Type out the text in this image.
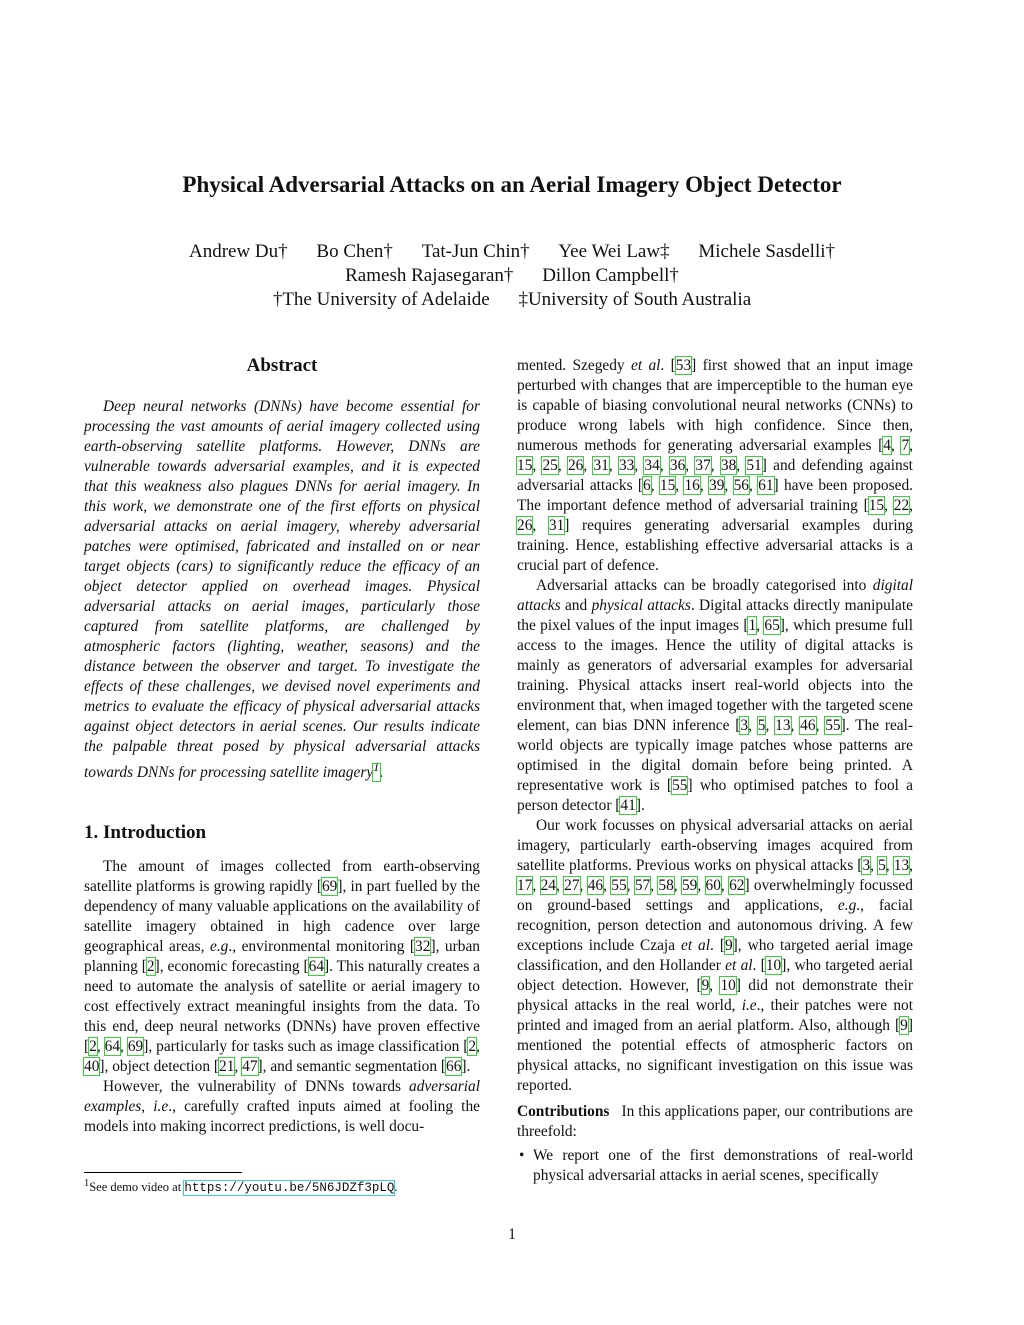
Physical Adversarial Attacks on an Aerial Imagery Object Detector
Andrew Du† Bo Chen† Tat-Jun Chin† Yee Wei Law‡ Michele Sasdelli†
Ramesh Rajasegaran† Dillon Campbell†
†The University of Adelaide ‡University of South Australia
Abstract

Deep neural networks (DNNs) have become essential for processing the vast amounts of aerial imagery collected using earth-observing satellite platforms. However, DNNs are vulnerable towards adversarial examples, and it is expected that this weakness also plagues DNNs for aerial imagery. In this work, we demonstrate one of the first efforts on physical adversarial attacks on aerial imagery, whereby adversarial patches were optimised, fabricated and installed on or near target objects (cars) to significantly reduce the efficacy of an object detector applied on overhead images. Physical adversarial attacks on aerial images, particularly those captured from satellite platforms, are challenged by atmospheric factors (lighting, weather, seasons) and the distance between the observer and target. To investigate the effects of these challenges, we devised novel experiments and metrics to evaluate the efficacy of physical adversarial attacks against object detectors in aerial scenes. Our results indicate the palpable threat posed by physical adversarial attacks towards DNNs for processing satellite imagery$^1$.

1. Introduction

The amount of images collected from earth-observing satellite platforms is growing rapidly [69], in part fuelled by the dependency of many valuable applications on the availability of satellite imagery obtained in high cadence over large geographical areas, e.g., environmental monitoring [32], urban planning [2], economic forecasting [64]. This naturally creates a need to automate the analysis of satellite or aerial imagery to cost effectively extract meaningful insights from the data. To this end, deep neural networks (DNNs) have proven effective [2, 64, 69], particularly for tasks such as image classification [2, 40], object detection [21, 47], and semantic segmentation [66].

However, the vulnerability of DNNs towards adversarial examples, i.e., carefully crafted inputs aimed at fooling the models into making incorrect predictions, is well docu-

mented. Szegedy et al. [53] first showed that an input image perturbed with changes that are imperceptible to the human eye is capable of biasing convolutional neural networks (CNNs) to produce wrong labels with high confidence. Since then, numerous methods for generating adversarial examples [4, 7, 15, 25, 26, 31, 33, 34, 36, 37, 38, 51] and defending against adversarial attacks [6, 15, 16, 39, 56, 61] have been proposed. The important defence method of adversarial training [15, 22, 26, 31] requires generating adversarial examples during training. Hence, establishing effective adversarial attacks is a crucial part of defence.

Adversarial attacks can be broadly categorised into digital attacks and physical attacks. Digital attacks directly manipulate the pixel values of the input images [1, 65], which presume full access to the images. Hence the utility of digital attacks is mainly as generators of adversarial examples for adversarial training. Physical attacks insert real-world objects into the environment that, when imaged together with the targeted scene element, can bias DNN inference [3, 5, 13, 46, 55]. The real-world objects are typically image patches whose patterns are optimised in the digital domain before being printed. A representative work is [55] who optimised patches to fool a person detector [41].

Our work focusses on physical adversarial attacks on aerial imagery, particularly earth-observing images acquired from satellite platforms. Previous works on physical attacks [3, 5, 13, 17, 24, 27, 46, 55, 57, 58, 59, 60, 62] overwhelmingly focussed on ground-based settings and applications, e.g., facial recognition, person detection and autonomous driving. A few exceptions include Czaja et al. [9], who targeted aerial image classification, and den Hollander et al. [10], who targeted aerial object detection. However, [9, 10] did not demonstrate their physical attacks in the real world, i.e., their patches were not printed and imaged from an aerial platform. Also, although [9] mentioned the potential effects of atmospheric factors on physical attacks, no significant investigation on this issue was reported.

Contributions   In this applications paper, our contributions are threefold:

• We report one of the first demonstrations of real-world physical adversarial attacks in aerial scenes, specifically
$^1$See demo video at https://youtu.be/5N6JDZf3pLQ.
1
